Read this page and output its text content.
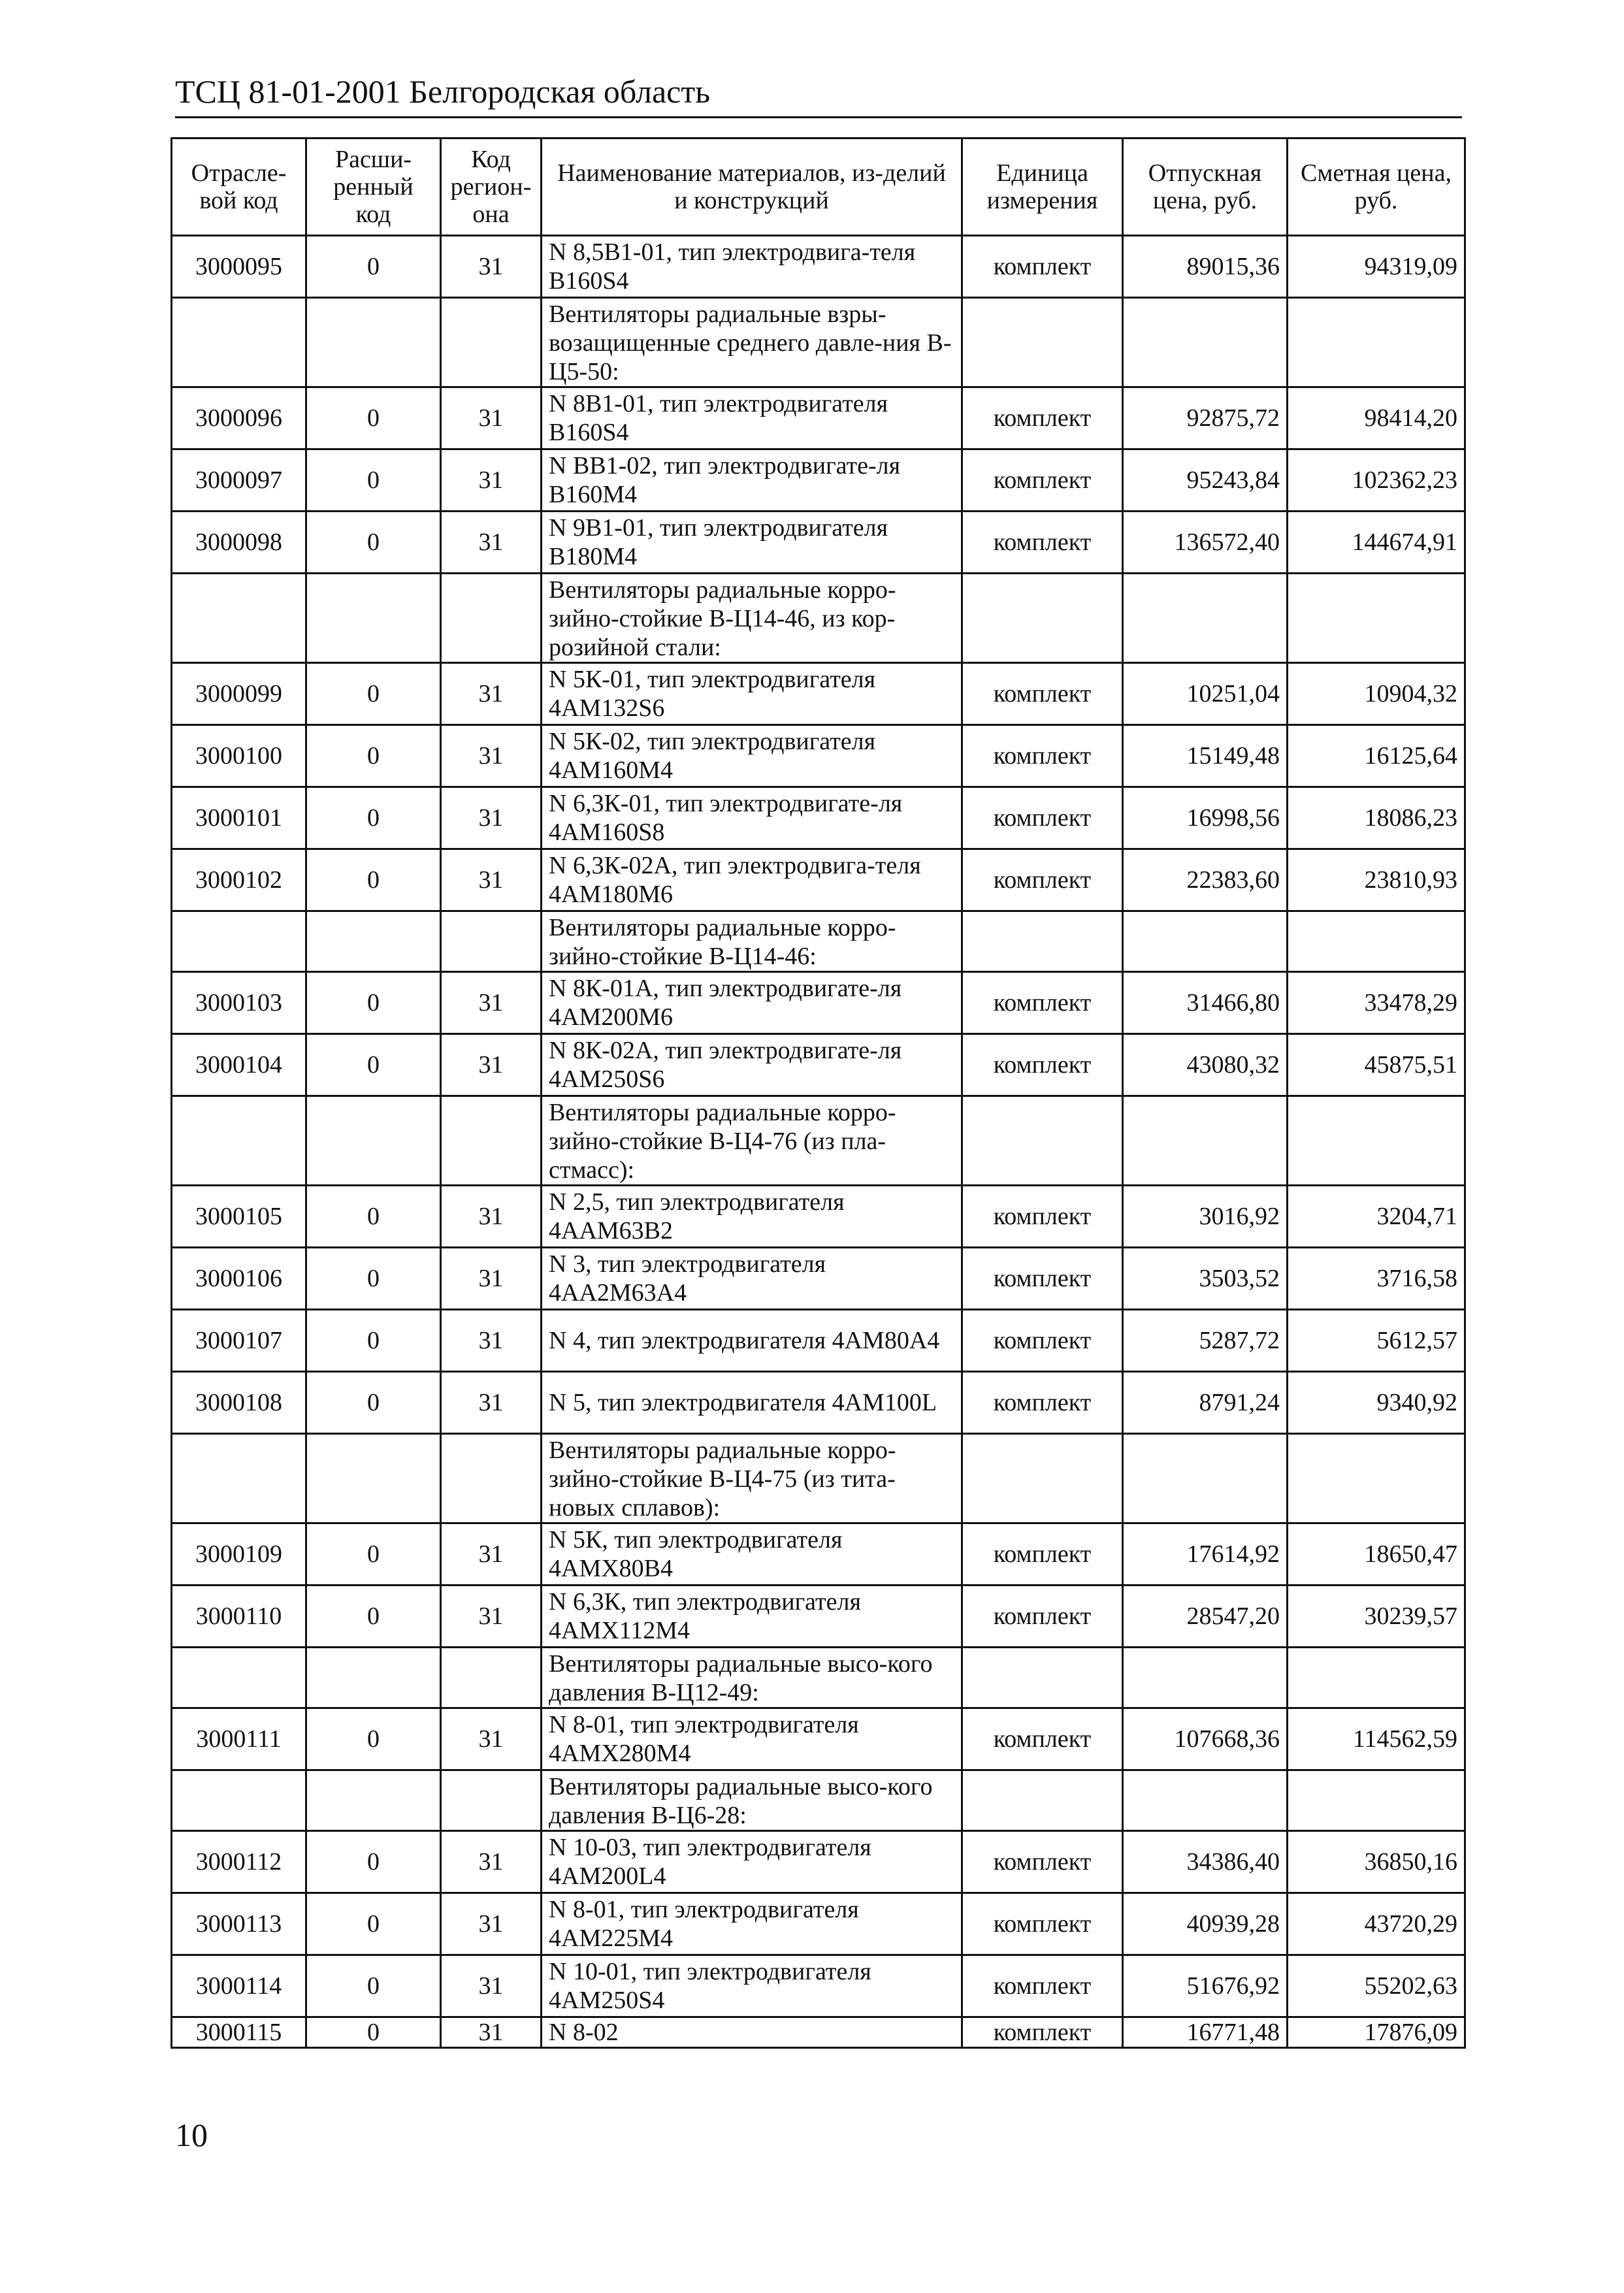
ТСЦ 81-01-2001 Белгородская область
Отрасле-вой код	Расши-ренный код	Код регион-она	Наименование материалов, из-делий и конструкций	Единица измерения	Отпускная цена, руб.	Сметная цена, руб.
3000095	0	31	N 8,5В1-01, тип электродвига-теля В160S4	комплект	89015,36	94319,09
			Вентиляторы радиальные взры-возащищенные среднего давле-ния В-Ц5-50:			
3000096	0	31	N 8В1-01, тип электродвигателя В160S4	комплект	92875,72	98414,20
3000097	0	31	N ВВ1-02, тип электродвигате-ля В160М4	комплект	95243,84	102362,23
3000098	0	31	N 9В1-01, тип электродвигателя В180М4	комплект	136572,40	144674,91
			Вентиляторы радиальные корро-зийно-стойкие В-Ц14-46, из кор-розийной стали:			
3000099	0	31	N 5К-01, тип электродвигателя 4АМ132S6	комплект	10251,04	10904,32
3000100	0	31	N 5К-02, тип электродвигателя 4АМ160М4	комплект	15149,48	16125,64
3000101	0	31	N 6,3К-01, тип электродвигате-ля 4АМ160S8	комплект	16998,56	18086,23
3000102	0	31	N 6,3К-02А, тип электродвига-теля 4АМ180М6	комплект	22383,60	23810,93
			Вентиляторы радиальные корро-зийно-стойкие В-Ц14-46:			
3000103	0	31	N 8К-01А, тип электродвигате-ля 4АМ200М6	комплект	31466,80	33478,29
3000104	0	31	N 8К-02А, тип электродвигате-ля 4АМ250S6	комплект	43080,32	45875,51
			Вентиляторы радиальные корро-зийно-стойкие В-Ц4-76 (из пла-стмасс):			
3000105	0	31	N 2,5, тип электродвигателя 4ААМ63В2	комплект	3016,92	3204,71
3000106	0	31	N 3, тип электродвигателя 4АА2М63А4	комплект	3503,52	3716,58
3000107	0	31	N 4, тип электродвигателя 4АМ80А4	комплект	5287,72	5612,57
3000108	0	31	N 5, тип электродвигателя 4АМ100L	комплект	8791,24	9340,92
			Вентиляторы радиальные корро-зийно-стойкие В-Ц4-75 (из тита-новых сплавов):			
3000109	0	31	N 5К, тип электродвигателя 4АМХ80В4	комплект	17614,92	18650,47
3000110	0	31	N 6,3К, тип электродвигателя 4АМХ112М4	комплект	28547,20	30239,57
			Вентиляторы радиальные высо-кого давления В-Ц12-49:			
3000111	0	31	N 8-01, тип электродвигателя 4АМХ280М4	комплект	107668,36	114562,59
			Вентиляторы радиальные высо-кого давления В-Ц6-28:			
3000112	0	31	N 10-03, тип электродвигателя 4АМ200L4	комплект	34386,40	36850,16
3000113	0	31	N 8-01, тип электродвигателя 4АМ225М4	комплект	40939,28	43720,29
3000114	0	31	N 10-01, тип электродвигателя 4АМ250S4	комплект	51676,92	55202,63
3000115	0	31	N 8-02	комплект	16771,48	17876,09
10
